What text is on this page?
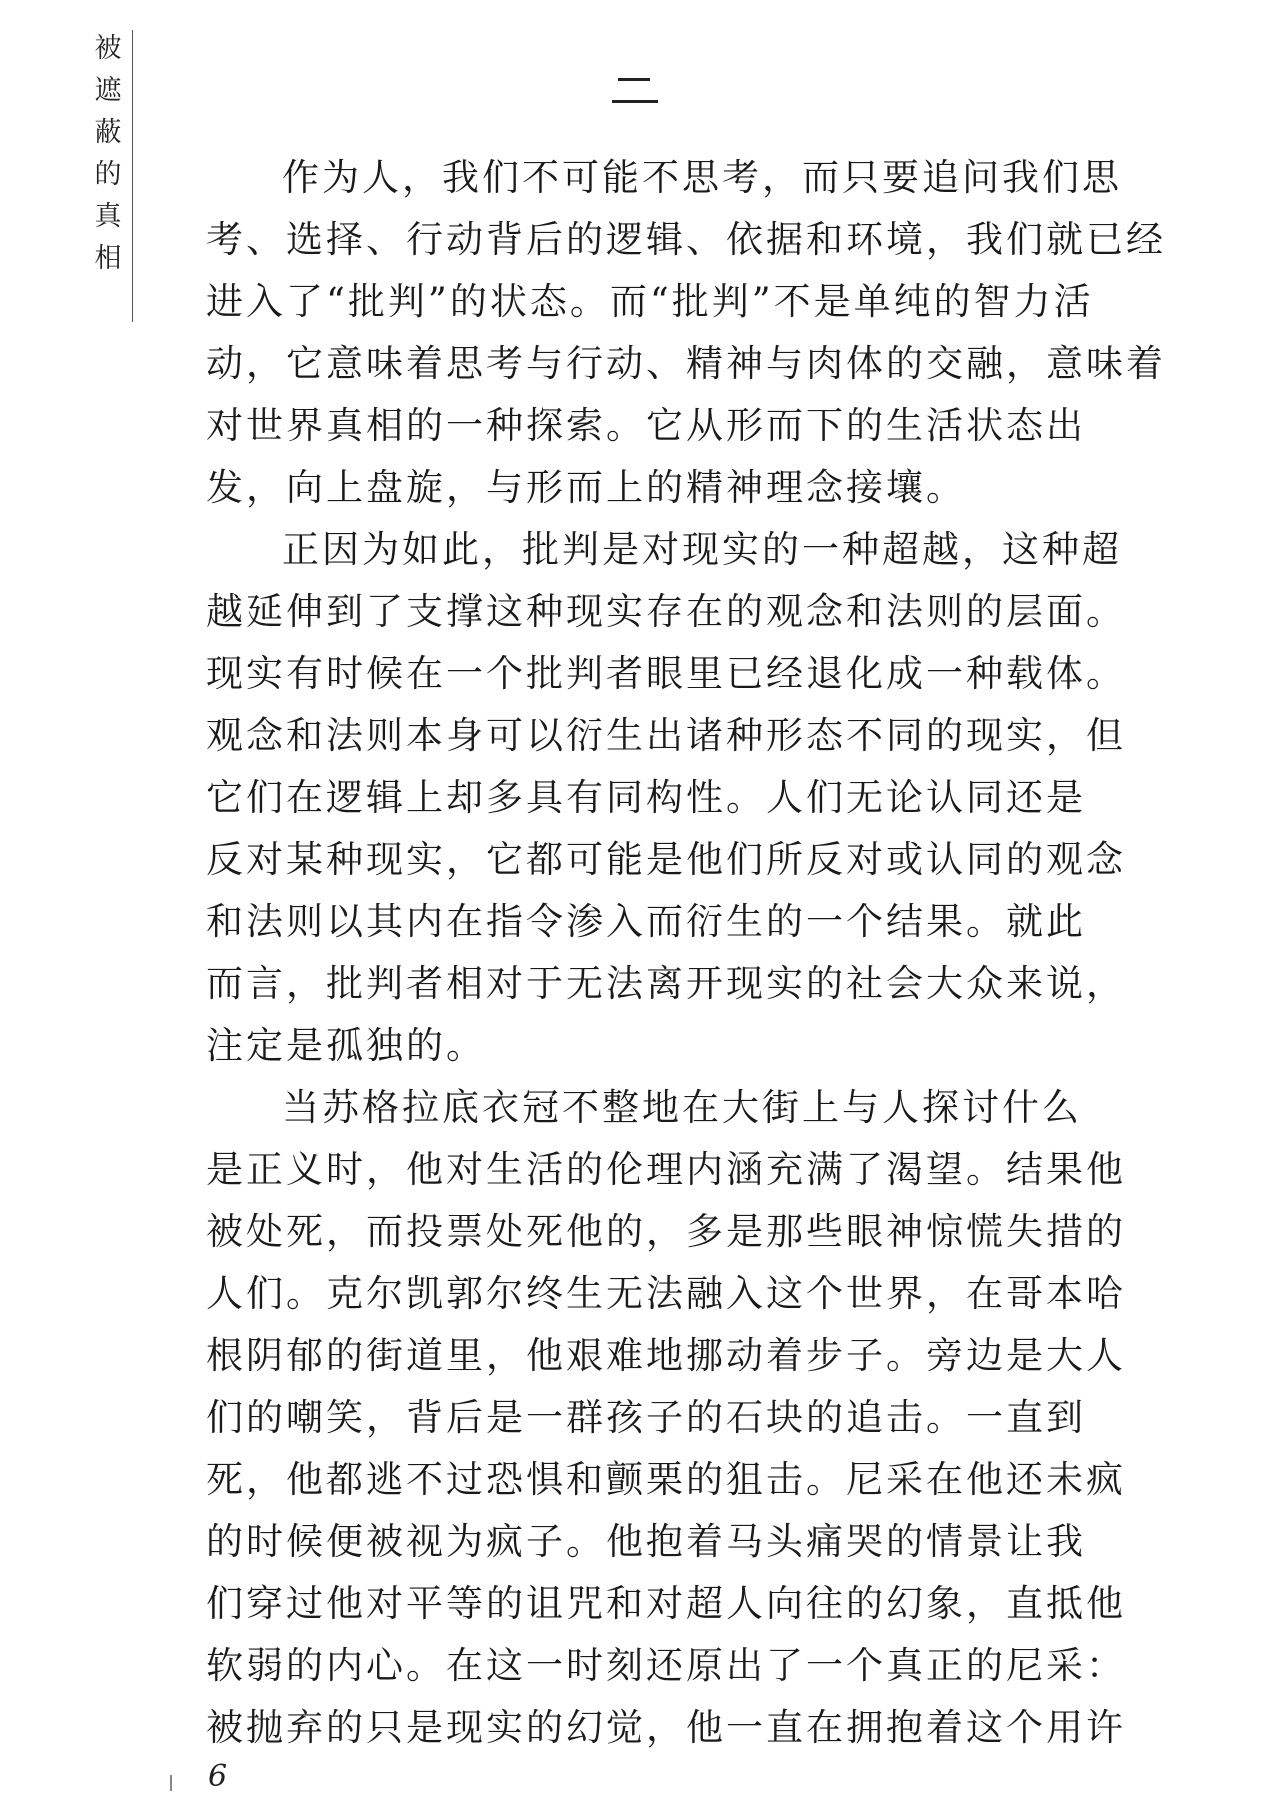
被
遮
蔽
的
真
相
作为人，我们不可能不思考，而只要追问我们思
考、选择、行动背后的逻辑、依据和环境，我们就已经
进入了“批判”的状态。而“批判”不是单纯的智力活
动，它意味着思考与行动、精神与肉体的交融，意味着
对世界真相的一种探索。它从形而下的生活状态出
发，向上盘旋，与形而上的精神理念接壤。
正因为如此，批判是对现实的一种超越，这种超
越延伸到了支撑这种现实存在的观念和法则的层面。
现实有时候在一个批判者眼里已经退化成一种载体。
观念和法则本身可以衍生出诸种形态不同的现实，但
它们在逻辑上却多具有同构性。人们无论认同还是
反对某种现实，它都可能是他们所反对或认同的观念
和法则以其内在指令渗入而衍生的一个结果。就此
而言，批判者相对于无法离开现实的社会大众来说，
注定是孤独的。
当苏格拉底衣冠不整地在大街上与人探讨什么
是正义时，他对生活的伦理内涵充满了渴望。结果他
被处死，而投票处死他的，多是那些眼神惊慌失措的
人们。克尔凯郭尔终生无法融入这个世界，在哥本哈
根阴郁的街道里，他艰难地挪动着步子。旁边是大人
们的嘲笑，背后是一群孩子的石块的追击。一直到
死，他都逃不过恐惧和颤栗的狙击。尼采在他还未疯
的时候便被视为疯子。他抱着马头痛哭的情景让我
们穿过他对平等的诅咒和对超人向往的幻象，直抵他
软弱的内心。在这一时刻还原出了一个真正的尼采：
被抛弃的只是现实的幻觉，他一直在拥抱着这个用许
6
